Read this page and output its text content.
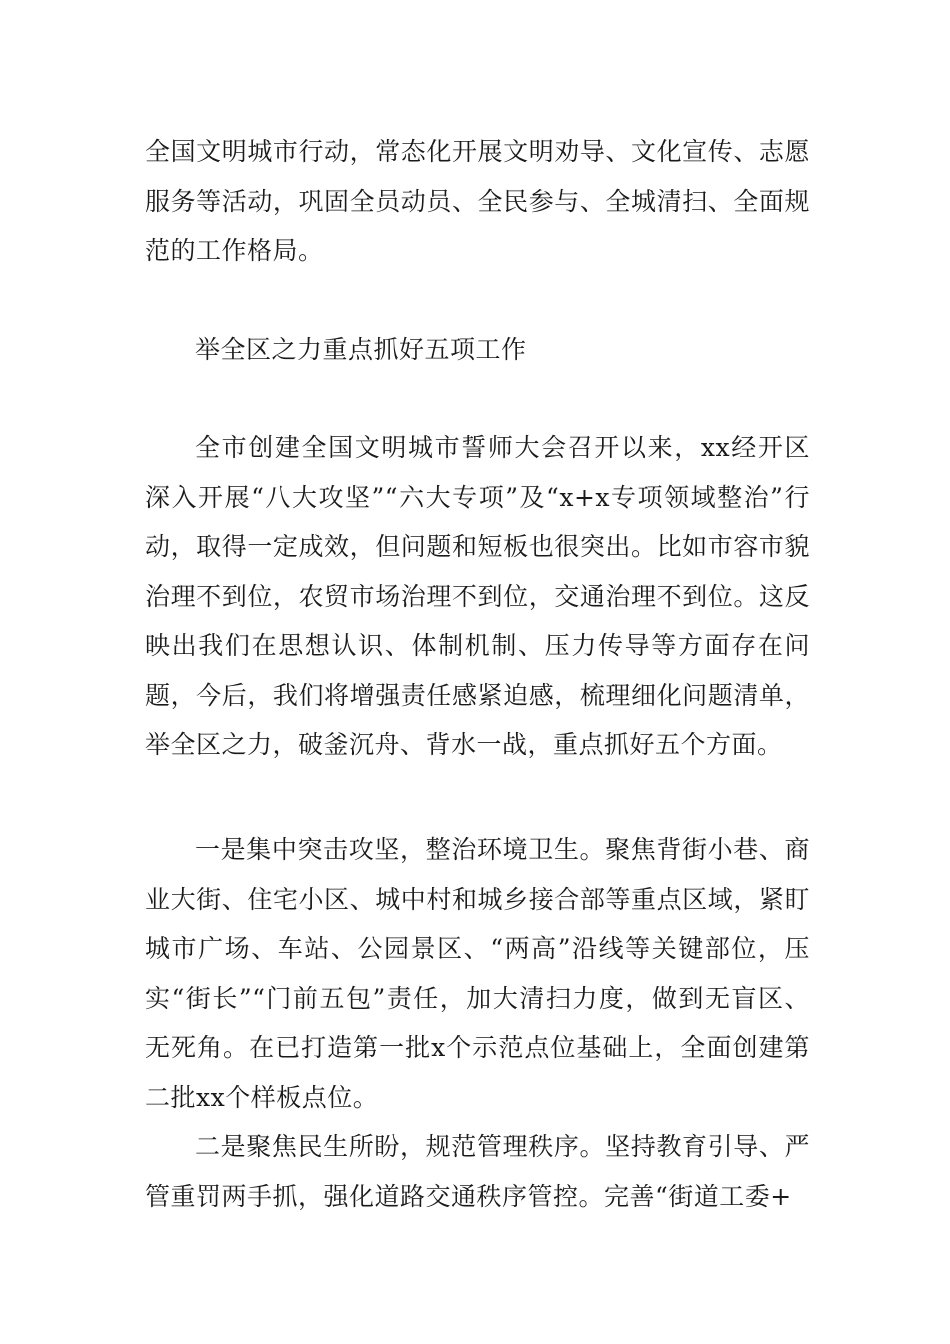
全国文明城市行动，常态化开展文明劝导、文化宣传、志愿服务等活动，巩固全员动员、全民参与、全城清扫、全面规范的工作格局。

举全区之力重点抓好五项工作

全市创建全国文明城市誓师大会召开以来，xx经开区深入开展“八大攻坚”“六大专项”及“x+x专项领域整治”行动，取得一定成效，但问题和短板也很突出。比如市容市貌治理不到位，农贸市场治理不到位，交通治理不到位。这反映出我们在思想认识、体制机制、压力传导等方面存在问题，今后，我们将增强责任感紧迫感，梳理细化问题清单，举全区之力，破釜沉舟、背水一战，重点抓好五个方面。

一是集中突击攻坚，整治环境卫生。聚焦背街小巷、商业大街、住宅小区、城中村和城乡接合部等重点区域，紧盯城市广场、车站、公园景区、“两高”沿线等关键部位，压实“街长”“门前五包”责任，加大清扫力度，做到无盲区、无死角。在已打造第一批x个示范点位基础上，全面创建第二批xx个样板点位。

二是聚焦民生所盼，规范管理秩序。坚持教育引导、严管重罚两手抓，强化道路交通秩序管控。完善“街道工委+
